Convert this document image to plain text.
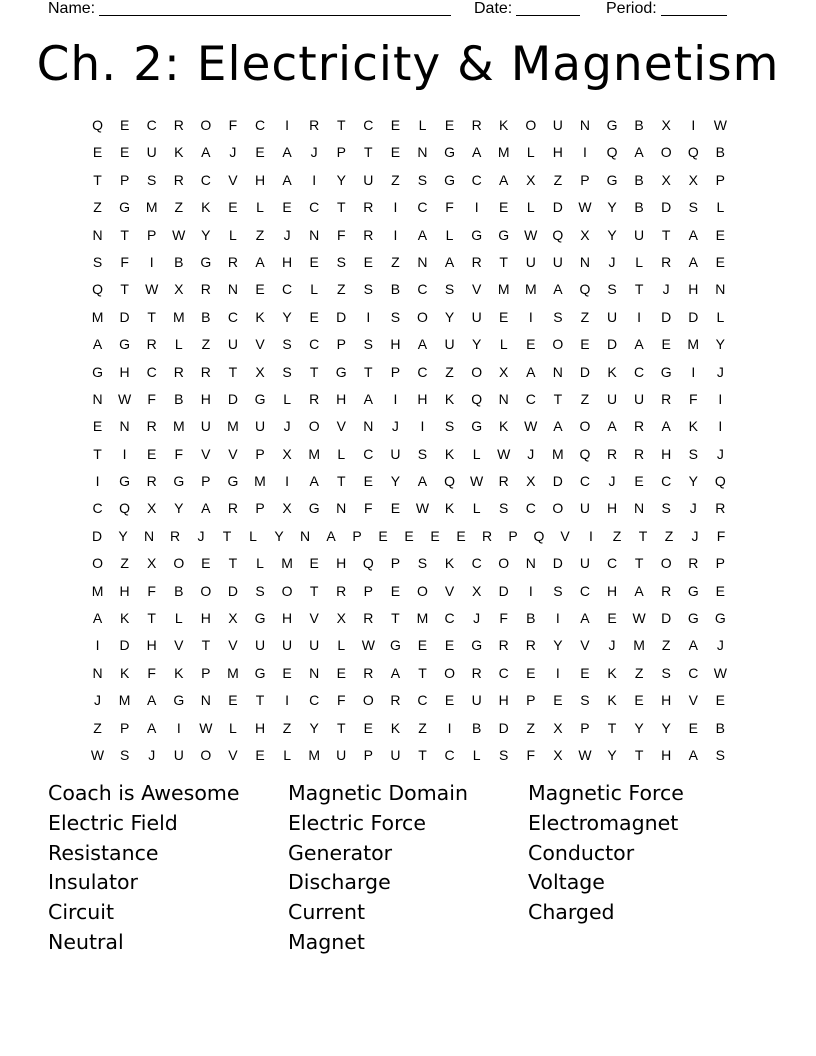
Name:	Date:	Period:
Ch. 2: Electricity & Magnetism
Q	E	C	R	O	F	C	I	R	T	C	E	L	E	R	K	O	U	N	G	B	X	I	W
E	E	U	K	A	J	E	A	J	P	T	E	N	G	A	M	L	H	I	Q	A	O	Q	B
T	P	S	R	C	V	H	A	I	Y	U	Z	S	G	C	A	X	Z	P	G	B	X	X	P
Z	G	M	Z	K	E	L	E	C	T	R	I	C	F	I	E	L	D	W	Y	B	D	S	L
N	T	P	W	Y	L	Z	J	N	F	R	I	A	L	G	G	W	Q	X	Y	U	T	A	E
S	F	I	B	G	R	A	H	E	S	E	Z	N	A	R	T	U	U	N	J	L	R	A	E
Q	T	W	X	R	N	E	C	L	Z	S	B	C	S	V	M	M	A	Q	S	T	J	H	N
M	D	T	M	B	C	K	Y	E	D	I	S	O	Y	U	E	I	S	Z	U	I	D	D	L
A	G	R	L	Z	U	V	S	C	P	S	H	A	U	Y	L	E	O	E	D	A	E	M	Y
G	H	C	R	R	T	X	S	T	G	T	P	C	Z	O	X	A	N	D	K	C	G	I	J
N	W	F	B	H	D	G	L	R	H	A	I	H	K	Q	N	C	T	Z	U	U	R	F	I
E	N	R	M	U	M	U	J	O	V	N	J	I	S	G	K	W	A	O	A	R	A	K	I
T	I	E	F	V	V	P	X	M	L	C	U	S	K	L	W	J	M	Q	R	R	H	S	J
I	G	R	G	P	G	M	I	A	T	E	Y	A	Q	W	R	X	D	C	J	E	C	Y	Q
C	Q	X	Y	A	R	P	X	G	N	F	E	W	K	L	S	C	O	U	H	N	S	J	R
D	Y	N	R	J	T	L	Y	N	A	P	E	E	E	E	R	P	Q	V	I	Z	T	Z	J	F
O	Z	X	O	E	T	L	M	E	H	Q	P	S	K	C	O	N	D	U	C	T	O	R	P
M	H	F	B	O	D	S	O	T	R	P	E	O	V	X	D	I	S	C	H	A	R	G	E
A	K	T	L	H	X	G	H	V	X	R	T	M	C	J	F	B	I	A	E	W	D	G	G
I	D	H	V	T	V	U	U	U	L	W	G	E	E	G	R	R	Y	V	J	M	Z	A	J
N	K	F	K	P	M	G	E	N	E	R	A	T	O	R	C	E	I	E	K	Z	S	C	W
J	M	A	G	N	E	T	I	C	F	O	R	C	E	U	H	P	E	S	K	E	H	V	E
Z	P	A	I	W	L	H	Z	Y	T	E	K	Z	I	B	D	Z	X	P	T	Y	Y	E	B
W	S	J	U	O	V	E	L	M	U	P	U	T	C	L	S	F	X	W	Y	T	H	A	S
Coach is Awesome	Magnetic Domain	Magnetic Force
Electric Field	Electric Force	Electromagnet
Resistance	Generator	Conductor
Insulator	Discharge	Voltage
Circuit	Current	Charged
Neutral	Magnet
